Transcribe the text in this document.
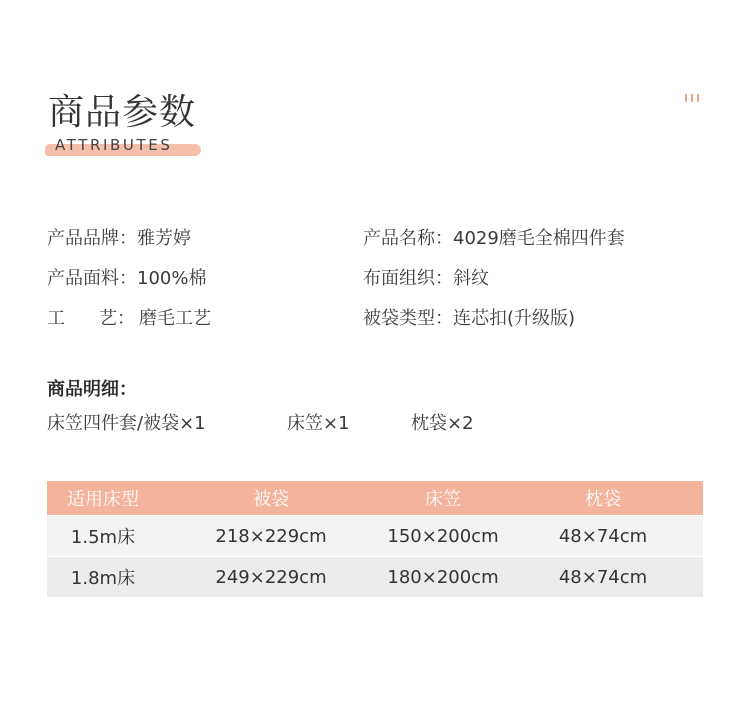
商品参数
ATTRIBUTES
产品品牌：雅芳婷	产品名称：4029磨毛全棉四件套
产品面料：100%棉	布面组织：斜纹
工 艺： 磨毛工艺	被袋类型：连芯扣(升级版)
商品明细：
床笠四件套/被袋×1	床笠×1	枕袋×2
适用床型	被袋	床笠	枕袋
1.5m床	218×229cm	150×200cm	48×74cm
1.8m床	249×229cm	180×200cm	48×74cm
